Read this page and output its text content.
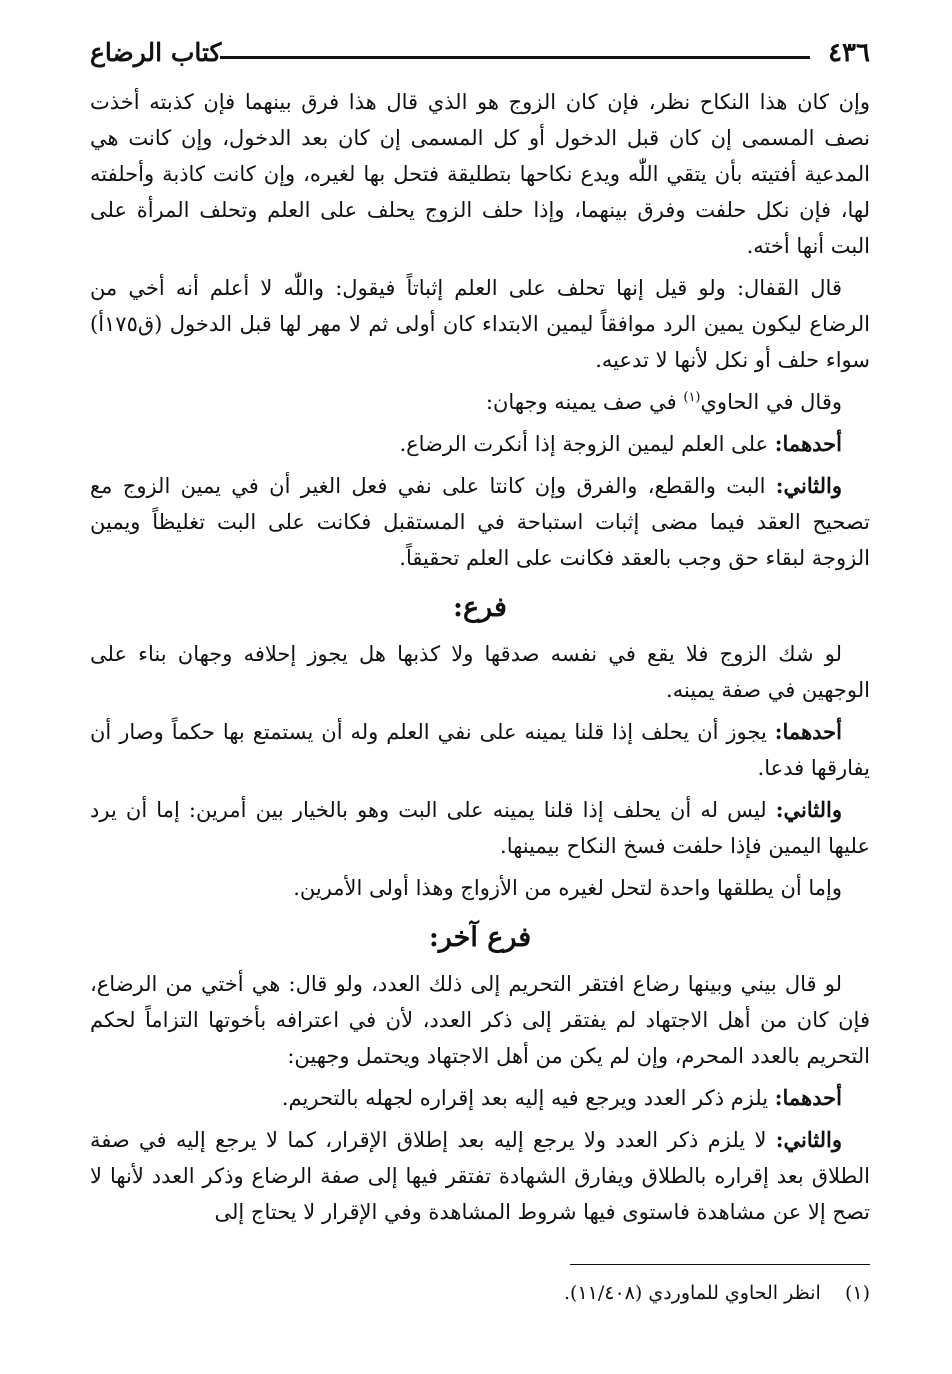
٤٣٦
كتاب الرضاع

وإن كان هذا النكاح نظر، فإن كان الزوج هو الذي قال هذا فرق بينهما فإن كذبته أخذت نصف المسمى إن كان قبل الدخول أو كل المسمى إن كان بعد الدخول، وإن كانت هي المدعية أفتيته بأن يتقي اللّٰه ويدع نكاحها بتطليقة فتحل بها لغيره، وإن كانت كاذبة وأحلفته لها، فإن نكل حلفت وفرق بينهما، وإذا حلف الزوج يحلف على العلم وتحلف المرأة على البت أنها أخته.

قال القفال: ولو قيل إنها تحلف على العلم إثباتاً فيقول: واللّٰه لا أعلم أنه أخي من الرضاع ليكون يمين الرد موافقاً ليمين الابتداء كان أولى ثم لا مهر لها قبل الدخول (ق١٧٥أ) سواء حلف أو نكل لأنها لا تدعيه.

وقال في الحاوي$^{(١)}$ في صف يمينه وجهان:

أحدهما: على العلم ليمين الزوجة إذا أنكرت الرضاع.

والثاني: البت والقطع، والفرق وإن كانتا على نفي فعل الغير أن في يمين الزوج مع تصحيح العقد فيما مضى إثبات استباحة في المستقبل فكانت على البت تغليظاً ويمين الزوجة لبقاء حق وجب بالعقد فكانت على العلم تحقيقاً.

فرع:

لو شك الزوج فلا يقع في نفسه صدقها ولا كذبها هل يجوز إحلافه وجهان بناء على الوجهين في صفة يمينه.

أحدهما: يجوز أن يحلف إذا قلنا يمينه على نفي العلم وله أن يستمتع بها حكماً وصار أن يفارقها فدعا.

والثاني: ليس له أن يحلف إذا قلنا يمينه على البت وهو بالخيار بين أمرين: إما أن يرد عليها اليمين فإذا حلفت فسخ النكاح بيمينها.

وإما أن يطلقها واحدة لتحل لغيره من الأزواج وهذا أولى الأمرين.

فرع آخر:

لو قال بيني وبينها رضاع افتقر التحريم إلى ذلك العدد، ولو قال: هي أختي من الرضاع، فإن كان من أهل الاجتهاد لم يفتقر إلى ذكر العدد، لأن في اعترافه بأخوتها التزاماً لحكم التحريم بالعدد المحرم، وإن لم يكن من أهل الاجتهاد ويحتمل وجهين:

أحدهما: يلزم ذكر العدد ويرجع فيه إليه بعد إقراره لجهله بالتحريم.

والثاني: لا يلزم ذكر العدد ولا يرجع إليه بعد إطلاق الإقرار، كما لا يرجع إليه في صفة الطلاق بعد إقراره بالطلاق ويفارق الشهادة تفتقر فيها إلى صفة الرضاع وذكر العدد لأنها لا تصح إلا عن مشاهدة فاستوى فيها شروط المشاهدة وفي الإقرار لا يحتاج إلى

(١)    انظر الحاوي للماوردي (١١/٤٠٨).
